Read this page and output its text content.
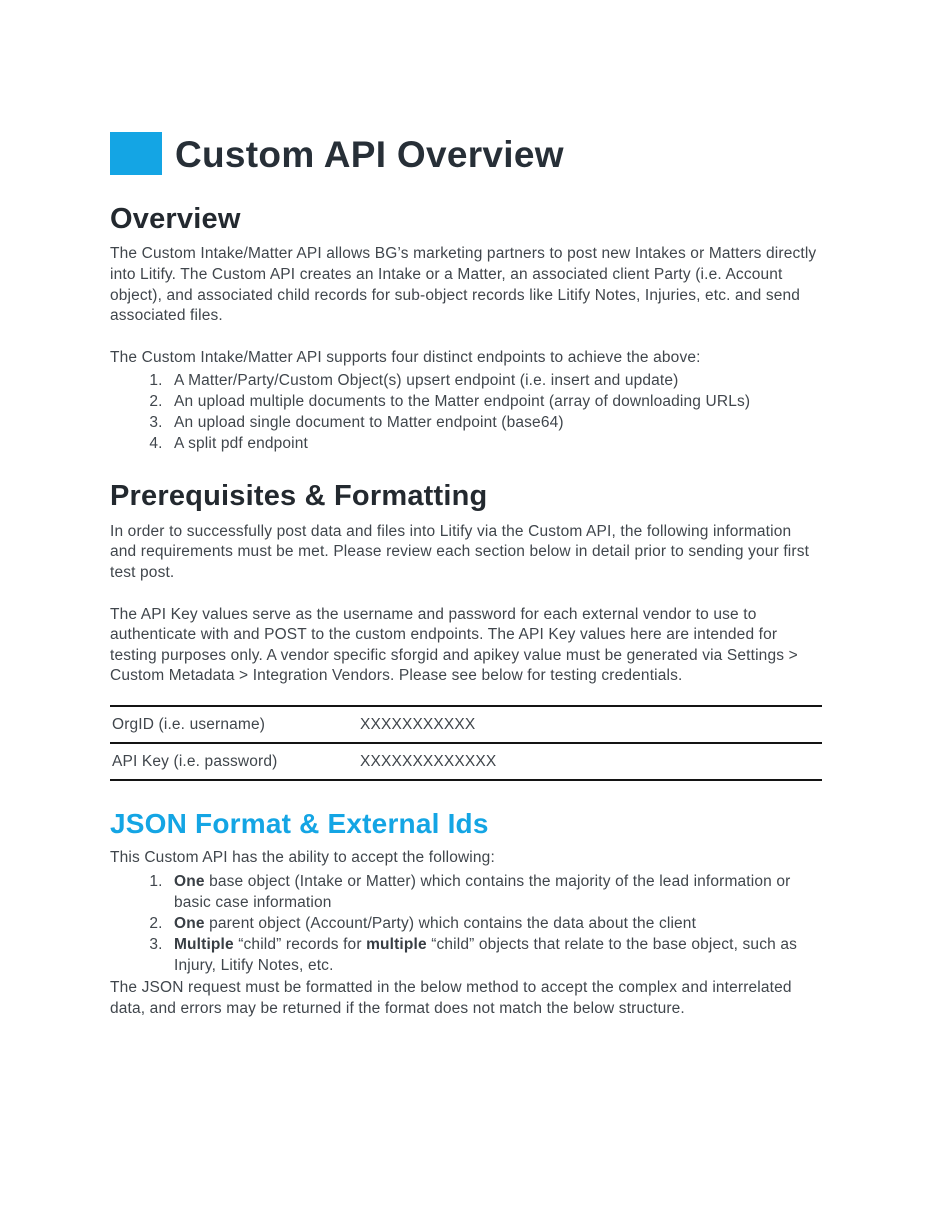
Custom API Overview
Overview

The Custom Intake/Matter API allows BG’s marketing partners to post new Intakes or Matters directly into Litify. The Custom API creates an Intake or a Matter, an associated client Party (i.e. Account object), and associated child records for sub-object records like Litify Notes, Injuries, etc. and send associated files.

The Custom Intake/Matter API supports four distinct endpoints to achieve the above:

1. A Matter/Party/Custom Object(s) upsert endpoint (i.e. insert and update)
2. An upload multiple documents to the Matter endpoint (array of downloading URLs)
3. An upload single document to Matter endpoint (base64)
4. A split pdf endpoint
Prerequisites & Formatting

In order to successfully post data and files into Litify via the Custom API, the following information and requirements must be met. Please review each section below in detail prior to sending your first test post.

The API Key values serve as the username and password for each external vendor to use to authenticate with and POST to the custom endpoints. The API Key values here are intended for testing purposes only. A vendor specific sforgid and apikey value must be generated via Settings > Custom Metadata > Integration Vendors. Please see below for testing credentials.

OrgID (i.e. username)	XXXXXXXXXXX
API Key (i.e. password)	XXXXXXXXXXXXX
JSON Format & External Ids

This Custom API has the ability to accept the following:

1. One base object (Intake or Matter) which contains the majority of the lead information or basic case information
2. One parent object (Account/Party) which contains the data about the client
3. Multiple “child” records for multiple “child” objects that relate to the base object, such as Injury, Litify Notes, etc.

The JSON request must be formatted in the below method to accept the complex and interrelated data, and errors may be returned if the format does not match the below structure.
